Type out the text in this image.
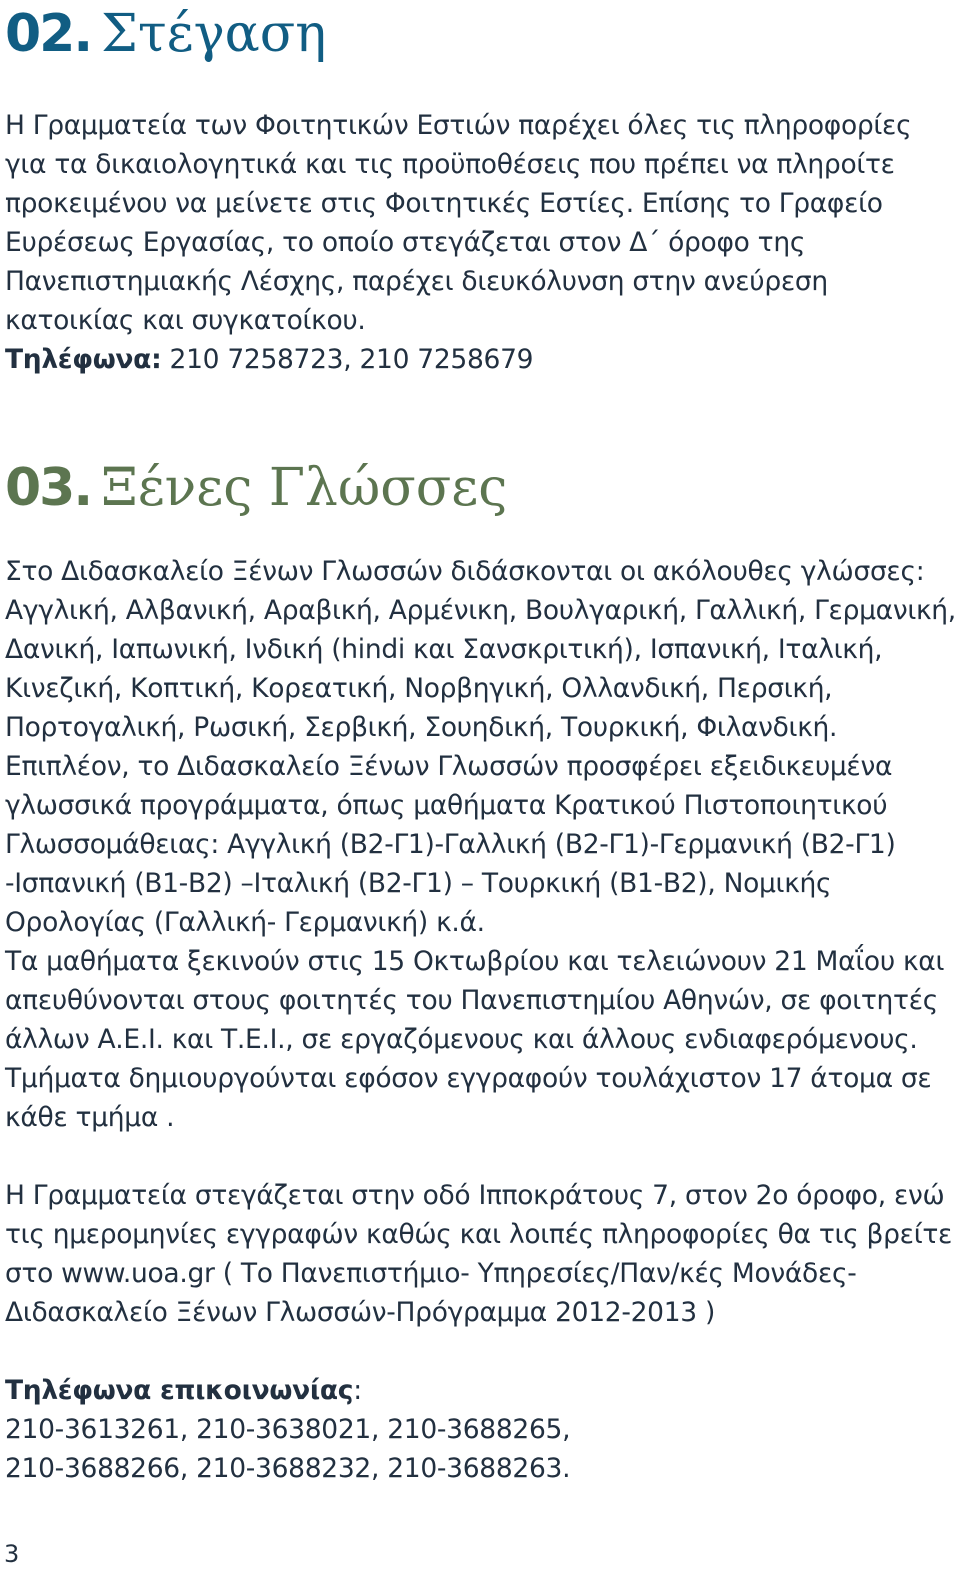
02. Στέγαση

Η Γραμματεία των Φοιτητικών Εστιών παρέχει όλες τις πληροφορίες για τα δικαιολογητικά και τις προϋποθέσεις που πρέπει να πληροίτε προκειμένου να μείνετε στις Φοιτητικές Εστίες. Επίσης το Γραφείο Ευρέσεως Εργασίας, το οποίο στεγάζεται στον Δ΄ όροφο της Πανεπιστημιακής Λέσχης, παρέχει διευκόλυνση στην ανεύρεση κατοικίας και συγκατοίκου.

Τηλέφωνα: 210 7258723, 210 7258679

03. Ξένες Γλώσσες

Στο Διδασκαλείο Ξένων Γλωσσών διδάσκονται οι ακόλουθες γλώσσες: Αγγλική, Αλβανική, Αραβική, Αρμένικη, Βουλγαρική, Γαλλική, Γερμανική, Δανική, Ιαπωνική, Ινδική (hindi και Σανσκριτική), Ισπανική, Ιταλική, Κινεζική, Κοπτική, Κορεατική, Νορβηγική, Ολλανδική, Περσική, Πορτογαλική, Ρωσική, Σερβική, Σουηδική, Τουρκική, Φιλανδική.

Επιπλέον, το Διδασκαλείο Ξένων Γλωσσών προσφέρει εξειδικευμένα γλωσσικά προγράμματα, όπως μαθήματα Κρατικού Πιστοποιητικού Γλωσσομάθειας: Αγγλική (Β2-Γ1)-Γαλλική (Β2-Γ1)-Γερμανική (Β2-Γ1) -Ισπανική (Β1-Β2) –Ιταλική (Β2-Γ1) – Τουρκική (Β1-Β2), Νομικής Ορολογίας (Γαλλική- Γερμανική) κ.ά.

Τα μαθήματα ξεκινούν στις 15 Οκτωβρίου και τελειώνουν 21 Μαΐου και απευθύνονται στους φοιτητές του Πανεπιστημίου Αθηνών, σε φοιτητές άλλων Α.Ε.Ι. και Τ.Ε.Ι., σε εργαζόμενους και άλλους ενδιαφερόμενους. Τμήματα δημιουργούνται εφόσον εγγραφούν τουλάχιστον 17 άτομα σε κάθε τμήμα .

Η Γραμματεία στεγάζεται στην οδό Ιπποκράτους 7, στον 2ο όροφο, ενώ τις ημερομηνίες εγγραφών καθώς και λοιπές πληροφορίες θα τις βρείτε στο www.uoa.gr ( Το Πανεπιστήμιο- Υπηρεσίες/Παν/κές Μονάδες-Διδασκαλείο Ξένων Γλωσσών-Πρόγραμμα 2012-2013 )

Τηλέφωνα επικοινωνίας:

210-3613261, 210-3638021, 210-3688265,

210-3688266, 210-3688232, 210-3688263.

3
